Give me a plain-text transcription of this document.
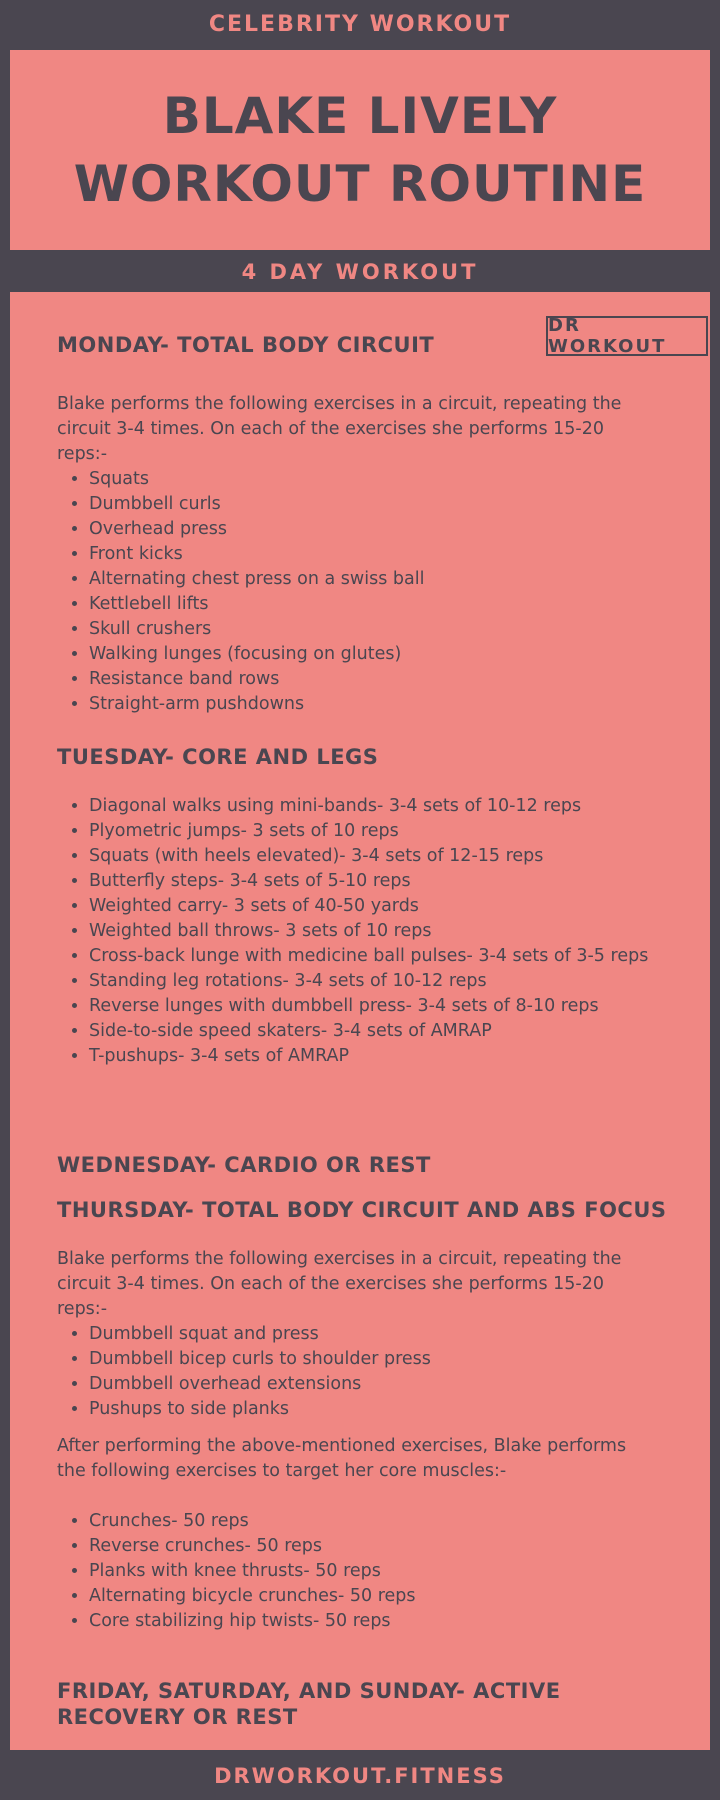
CELEBRITY WORKOUT
BLAKE LIVELY
WORKOUT ROUTINE
4 DAY WORKOUT
DR WORKOUT
MONDAY- TOTAL BODY CIRCUIT

Blake performs the following exercises in a circuit, repeating the circuit 3-4 times. On each of the exercises she performs 15-20 reps:-

• Squats
• Dumbbell curls
• Overhead press
• Front kicks
• Alternating chest press on a swiss ball
• Kettlebell lifts
• Skull crushers
• Walking lunges (focusing on glutes)
• Resistance band rows
• Straight-arm pushdowns
TUESDAY- CORE AND LEGS
• Diagonal walks using mini-bands- 3-4 sets of 10-12 reps
• Plyometric jumps- 3 sets of 10 reps
• Squats (with heels elevated)- 3-4 sets of 12-15 reps
• Butterfly steps- 3-4 sets of 5-10 reps
• Weighted carry- 3 sets of 40-50 yards
• Weighted ball throws- 3 sets of 10 reps
• Cross-back lunge with medicine ball pulses- 3-4 sets of 3-5 reps
• Standing leg rotations- 3-4 sets of 10-12 reps
• Reverse lunges with dumbbell press- 3-4 sets of 8-10 reps
• Side-to-side speed skaters- 3-4 sets of AMRAP
• T-pushups- 3-4 sets of AMRAP
WEDNESDAY- CARDIO OR REST
THURSDAY- TOTAL BODY CIRCUIT AND ABS FOCUS

Blake performs the following exercises in a circuit, repeating the circuit 3-4 times. On each of the exercises she performs 15-20 reps:-

• Dumbbell squat and press
• Dumbbell bicep curls to shoulder press
• Dumbbell overhead extensions
• Pushups to side planks

After performing the above-mentioned exercises, Blake performs the following exercises to target her core muscles:-

• Crunches- 50 reps
• Reverse crunches- 50 reps
• Planks with knee thrusts- 50 reps
• Alternating bicycle crunches- 50 reps
• Core stabilizing hip twists- 50 reps
FRIDAY, SATURDAY, AND SUNDAY- ACTIVE RECOVERY OR REST
DRWORKOUT.FITNESS
